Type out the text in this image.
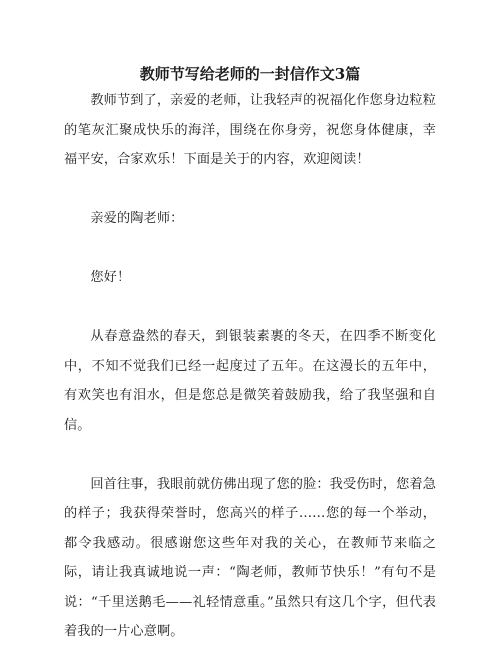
教师节写给老师的一封信作文3篇

教师节到了，亲爱的老师，让我轻声的祝福化作您身边粒粒的笔灰汇聚成快乐的海洋，围绕在你身旁，祝您身体健康，幸福平安，合家欢乐！下面是关于的内容，欢迎阅读！

亲爱的陶老师：

您好！

从春意盎然的春天，到银装素裹的冬天，在四季不断变化中，不知不觉我们已经一起度过了五年。在这漫长的五年中，有欢笑也有泪水，但是您总是微笑着鼓励我，给了我坚强和自信。

回首往事，我眼前就仿佛出现了您的脸：我受伤时，您着急的样子；我获得荣誉时，您高兴的样子……您的每一个举动，都令我感动。很感谢您这些年对我的关心，在教师节来临之际，请让我真诚地说一声：“陶老师，教师节快乐！”有句不是说：“千里送鹅毛——礼轻情意重。”虽然只有这几个字，但代表着我的一片心意啊。
